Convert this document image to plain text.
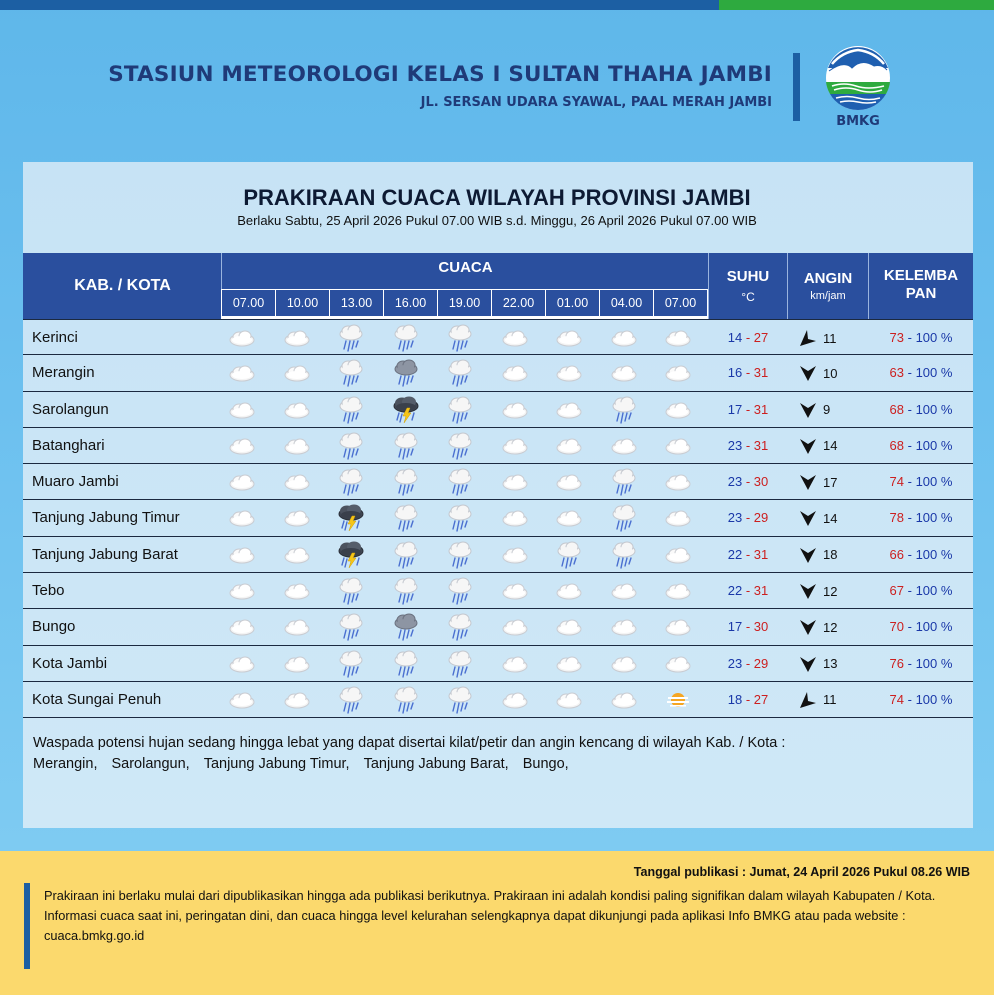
STASIUN METEOROLOGI KELAS I SULTAN THAHA JAMBI
JL. SERSAN UDARA SYAWAL, PAAL MERAH JAMBI
BMKG
PRAKIRAAN CUACA WILAYAH PROVINSI JAMBI
Berlaku Sabtu, 25 April 2026 Pukul 07.00 WIB s.d. Minggu, 26 April 2026 Pukul 07.00 WIB
KAB. / KOTA
CUACA
SUHU
°C
ANGIN
km/jam
KELEMBA
PAN
07.00	10.00	13.00	16.00	19.00	22.00	01.00	04.00	07.00
Kerinci	14 - 27	11	73 - 100 %
Merangin	16 - 31	10	63 - 100 %
Sarolangun	17 - 31	9	68 - 100 %
Batanghari	23 - 31	14	68 - 100 %
Muaro Jambi	23 - 30	17	74 - 100 %
Tanjung Jabung Timur	23 - 29	14	78 - 100 %
Tanjung Jabung Barat	22 - 31	18	66 - 100 %
Tebo	22 - 31	12	67 - 100 %
Bungo	17 - 30	12	70 - 100 %
Kota Jambi	23 - 29	13	76 - 100 %
Kota Sungai Penuh	18 - 27	11	74 - 100 %
Waspada potensi hujan sedang hingga lebat yang dapat disertai kilat/petir dan angin kencang di wilayah Kab. / Kota :
Merangin, Sarolangun, Tanjung Jabung Timur, Tanjung Jabung Barat, Bungo,
Tanggal publikasi : Jumat, 24 April 2026 Pukul 08.26 WIB
Prakiraan ini berlaku mulai dari dipublikasikan hingga ada publikasi berikutnya. Prakiraan ini adalah kondisi paling signifikan dalam wilayah Kabupaten / Kota. Informasi cuaca saat ini, peringatan dini, dan cuaca hingga level kelurahan selengkapnya dapat dikunjungi pada aplikasi Info BMKG atau pada website : cuaca.bmkg.go.id
